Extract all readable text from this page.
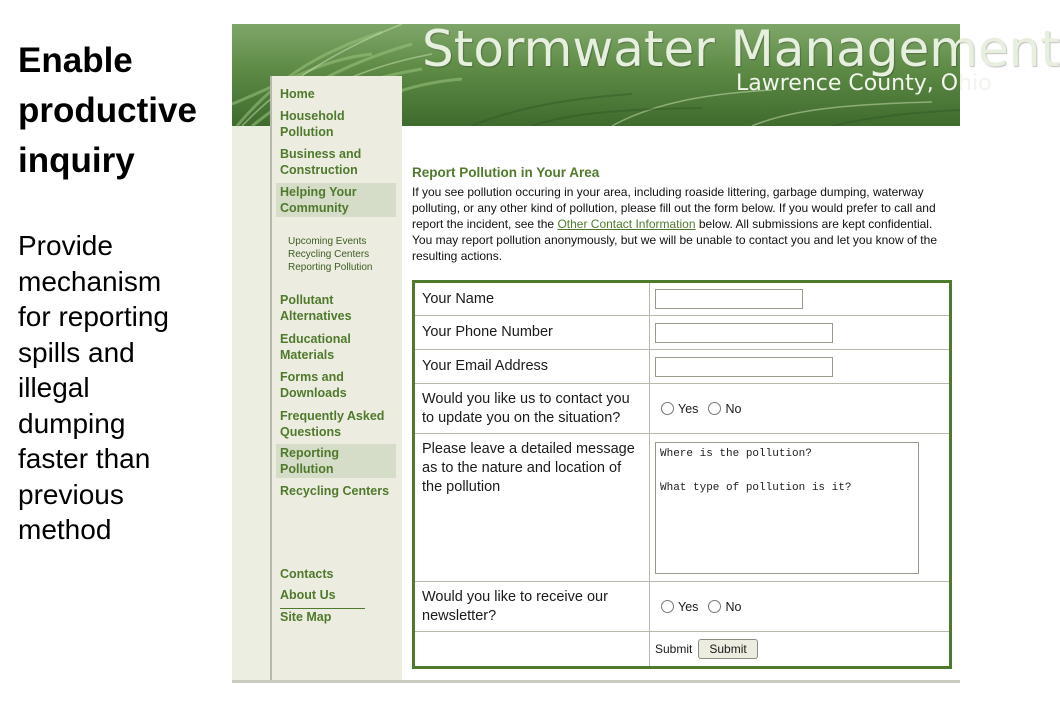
Enable
productive
inquiry

Provide
mechanism
for reporting
spills and
illegal
dumping
faster than
previous
method

Stormwater Management

Lawrence County, Ohio

Home
Household Pollution
Business and Construction
Helping Your Community
Upcoming Events
Recycling Centers
Reporting Pollution
Pollutant Alternatives
Educational Materials
Forms and Downloads
Frequently Asked Questions
Reporting Pollution
Recycling Centers
Contacts
About Us
Site Map
Report Pollution in Your Area

If you see pollution occuring in your area, including roaside littering, garbage dumping, waterway polluting, or any other kind of pollution, please fill out the form below. If you would prefer to call and report the incident, see the Other Contact Information below. All submissions are kept confidential. You may report pollution anonymously, but we will be unable to contact you and let you know of the resulting actions.

Your Name	
Your Phone Number	
Your Email Address	
Would you like us to contact you to update you on the situation?	Yes No
Please leave a detailed message as to the nature and location of the pollution	Where is the pollution?
What type of pollution is it?

Would you like to receive our newsletter?	Yes No
	Submit Submit
